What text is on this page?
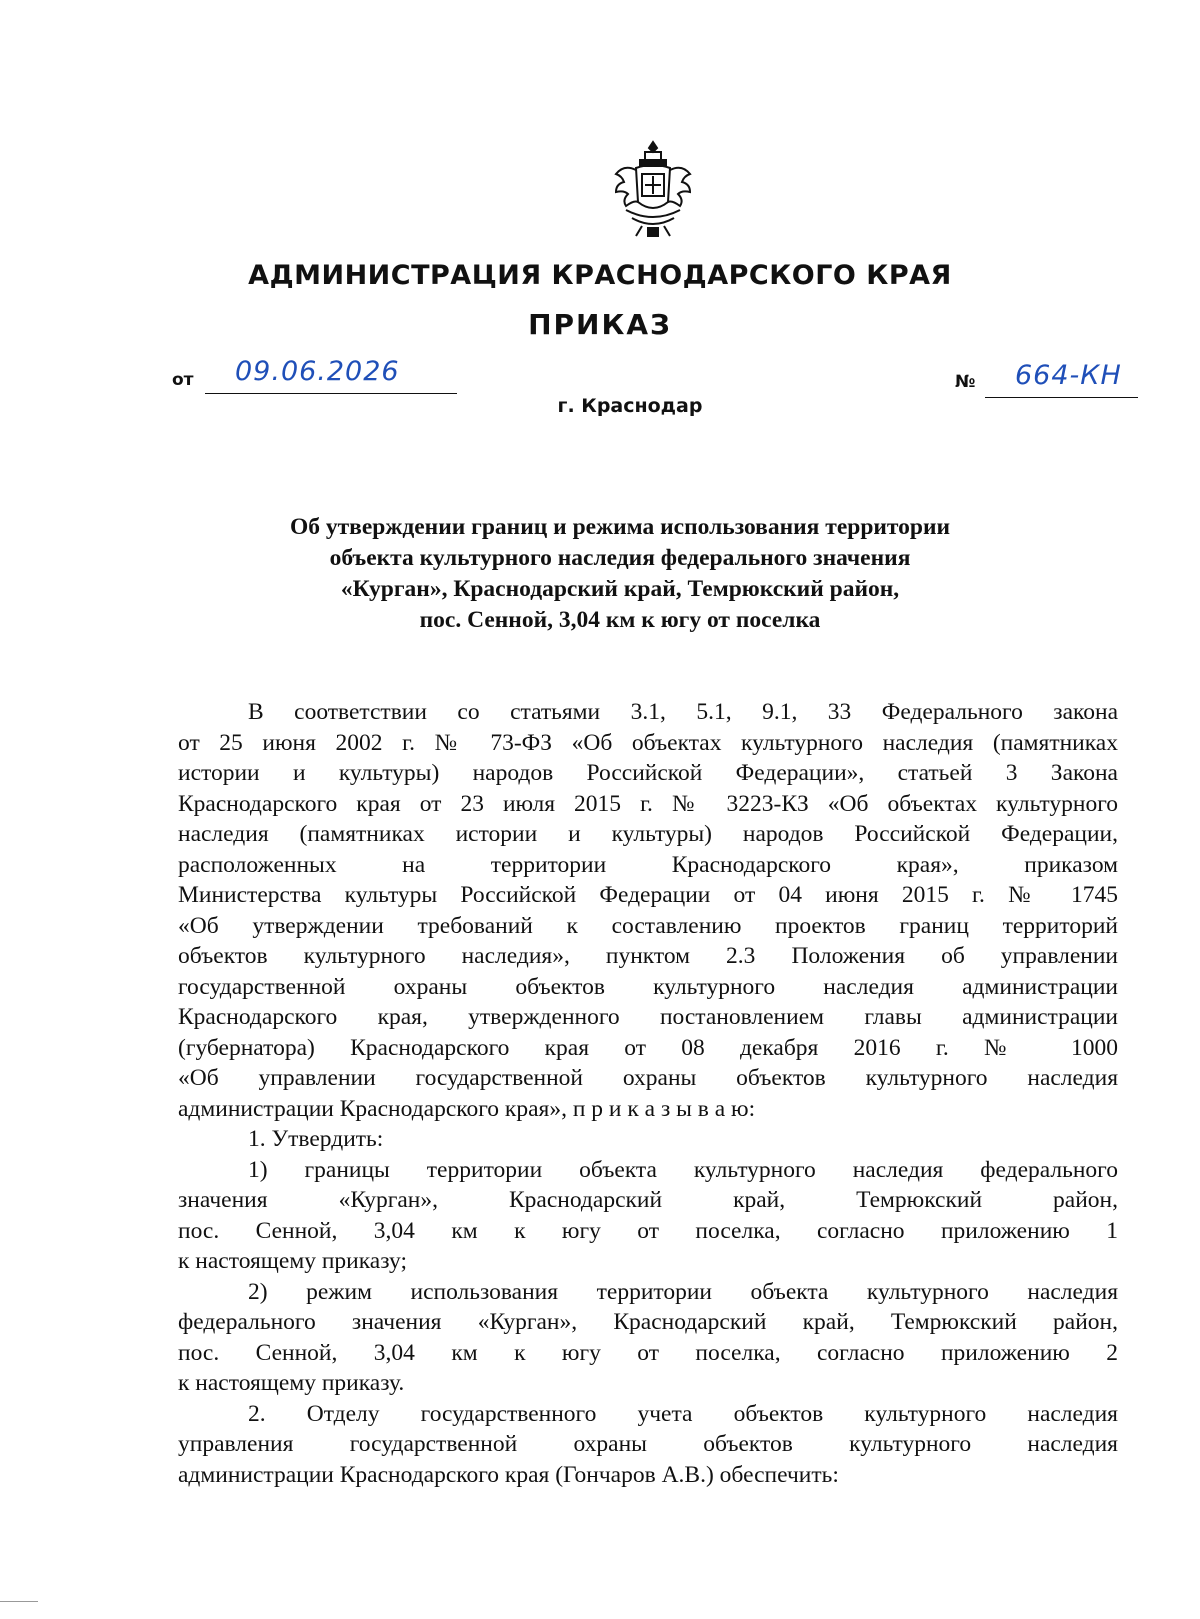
АДМИНИСТРАЦИЯ КРАСНОДАРСКОГО КРАЯ
ПРИКАЗ
от 09.06.2026	№ 664-КН
г. Краснодар
Об утверждении границ и режима использования территории
объекта культурного наследия федерального значения
«Курган», Краснодарский край, Темрюкский район,
пос. Сенной, 3,04 км к югу от поселка
В соответствии со статьями 3.1, 5.1, 9.1, 33 Федерального закона
от 25 июня 2002 г. № 73-ФЗ «Об объектах культурного наследия (памятниках
истории и культуры) народов Российской Федерации», статьей 3 Закона
Краснодарского края от 23 июля 2015 г. № 3223-КЗ «Об объектах культурного
наследия (памятниках истории и культуры) народов Российской Федерации,
расположенных на территории Краснодарского края», приказом
Министерства культуры Российской Федерации от 04 июня 2015 г. № 1745
«Об утверждении требований к составлению проектов границ территорий
объектов культурного наследия», пунктом 2.3 Положения об управлении
государственной охраны объектов культурного наследия администрации
Краснодарского края, утвержденного постановлением главы администрации
(губернатора) Краснодарского края от 08 декабря 2016 г. № 1000
«Об управлении государственной охраны объектов культурного наследия
администрации Краснодарского края», п р и к а з ы в а ю:
1. Утвердить:
1) границы территории объекта культурного наследия федерального
значения «Курган», Краснодарский край, Темрюкский район,
пос. Сенной, 3,04 км к югу от поселка, согласно приложению 1
к настоящему приказу;
2) режим использования территории объекта культурного наследия
федерального значения «Курган», Краснодарский край, Темрюкский район,
пос. Сенной, 3,04 км к югу от поселка, согласно приложению 2
к настоящему приказу.
2. Отделу государственного учета объектов культурного наследия
управления государственной охраны объектов культурного наследия
администрации Краснодарского края (Гончаров А.В.) обеспечить:
